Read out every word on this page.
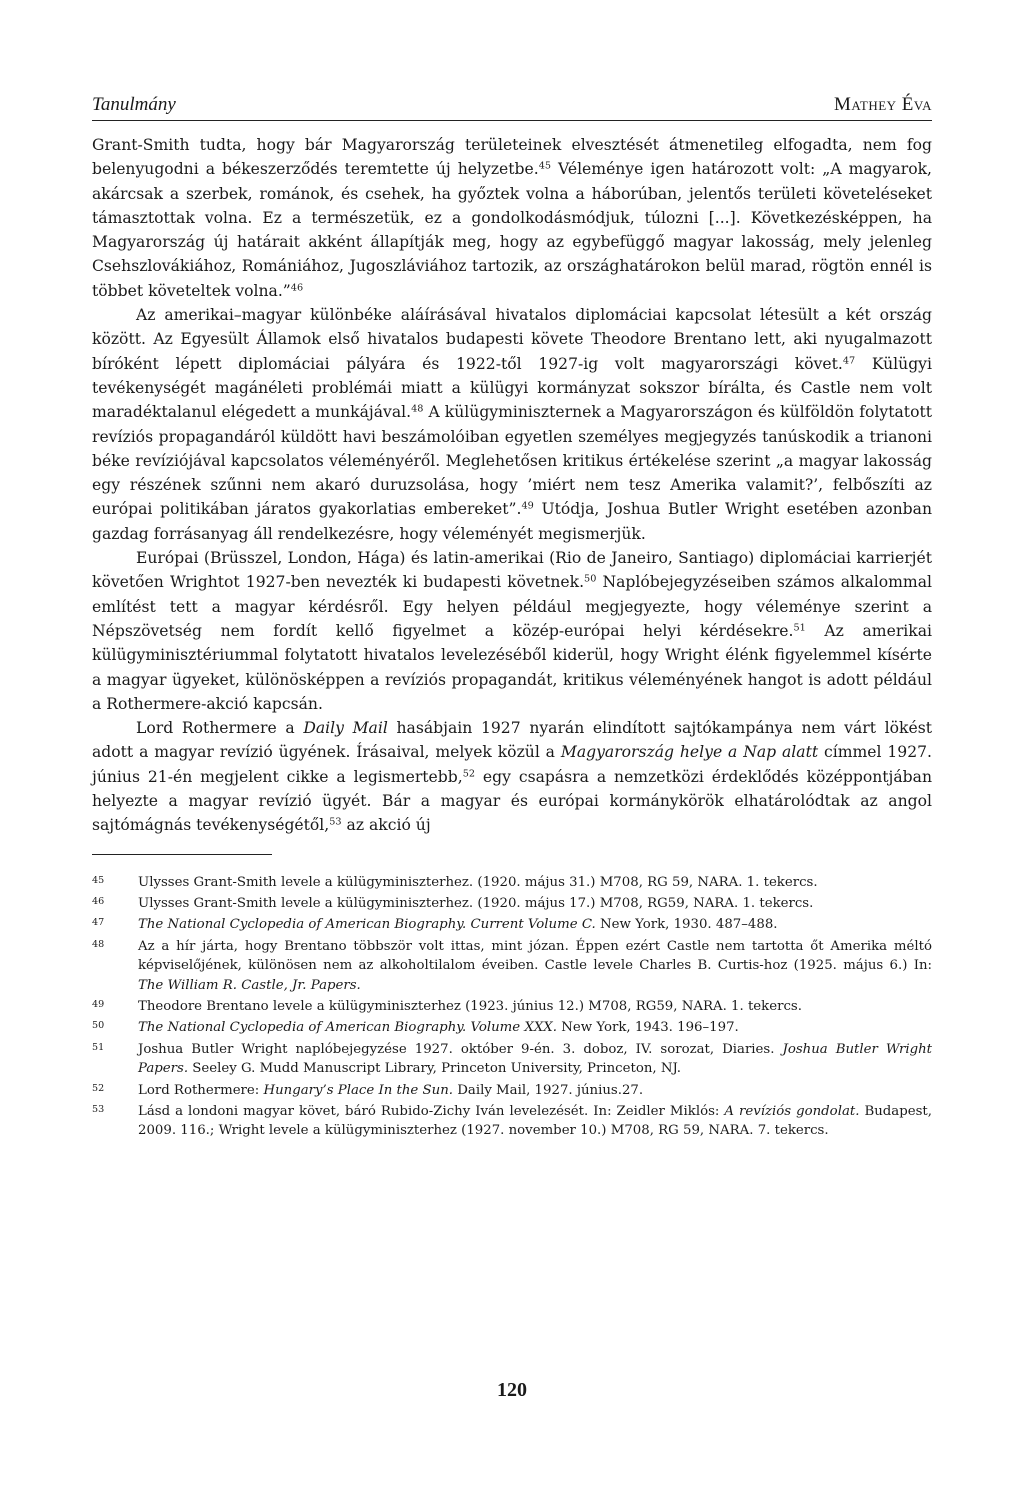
Tanulmány	Mathey Éva

Grant-Smith tudta, hogy bár Magyarország területeinek elvesztését átmenetileg elfogadta, nem fog belenyugodni a békeszerződés teremtette új helyzetbe.$^{45}$ Véleménye igen határozott volt: „A magyarok, akárcsak a szerbek, románok, és csehek, ha győztek volna a háborúban, jelentős területi követeléseket támasztottak volna. Ez a természetük, ez a gondolkodásmódjuk, túlozni [...]. Következésképpen, ha Magyarország új határait akként állapítják meg, hogy az egybefüggő magyar lakosság, mely jelenleg Csehszlovákiához, Romániához, Jugoszláviához tartozik, az országhatárokon belül marad, rögtön ennél is többet követeltek volna.”$^{46}$

Az amerikai–magyar különbéke aláírásával hivatalos diplomáciai kapcsolat létesült a két ország között. Az Egyesült Államok első hivatalos budapesti követe Theodore Brentano lett, aki nyugalmazott bíróként lépett diplomáciai pályára és 1922-től 1927-ig volt magyarországi követ.$^{47}$ Külügyi tevékenységét magánéleti problémái miatt a külügyi kormányzat sokszor bírálta, és Castle nem volt maradéktalanul elégedett a munkájával.$^{48}$ A külügyminiszternek a Magyarországon és külföldön folytatott revíziós propagandáról küldött havi beszámolóiban egyetlen személyes megjegyzés tanúskodik a trianoni béke revíziójával kapcsolatos véleményéről. Meglehetősen kritikus értékelése szerint „a magyar lakosság egy részének szűnni nem akaró duruzsolása, hogy ’miért nem tesz Amerika valamit?’, felbőszíti az európai politikában járatos gyakorlatias embereket”.$^{49}$ Utódja, Joshua Butler Wright esetében azonban gazdag forrásanyag áll rendelkezésre, hogy véleményét megismerjük.

Európai (Brüsszel, London, Hága) és latin-amerikai (Rio de Janeiro, Santiago) diplomáciai karrierjét követően Wrightot 1927-ben nevezték ki budapesti követnek.$^{50}$ Naplóbejegyzéseiben számos alkalommal említést tett a magyar kérdésről. Egy helyen például megjegyezte, hogy véleménye szerint a Népszövetség nem fordít kellő figyelmet a közép-európai helyi kérdésekre.$^{51}$ Az amerikai külügyminisztériummal folytatott hivatalos levelezéséből kiderül, hogy Wright élénk figyelemmel kísérte a magyar ügyeket, különösképpen a revíziós propagandát, kritikus véleményének hangot is adott például a Rothermere-akció kapcsán.

Lord Rothermere a Daily Mail hasábjain 1927 nyarán elindított sajtókampánya nem várt lökést adott a magyar revízió ügyének. Írásaival, melyek közül a Magyarország helye a Nap alatt címmel 1927. június 21-én megjelent cikke a legismertebb,$^{52}$ egy csapásra a nemzetközi érdeklődés középpontjában helyezte a magyar revízió ügyét. Bár a magyar és európai kormánykörök elhatárolódtak az angol sajtómágnás tevékenységétől,$^{53}$ az akció új

45	Ulysses Grant-Smith levele a külügyminiszterhez. (1920. május 31.) M708, RG 59, NARA. 1. tekercs.
46	Ulysses Grant-Smith levele a külügyminiszterhez. (1920. május 17.) M708, RG59, NARA. 1. tekercs.
47	The National Cyclopedia of American Biography. Current Volume C. New York, 1930. 487–488.
48	Az a hír járta, hogy Brentano többször volt ittas, mint józan. Éppen ezért Castle nem tartotta őt Amerika méltó képviselőjének, különösen nem az alkoholtilalom éveiben. Castle levele Charles B. Curtis-hoz (1925. május 6.) In: The William R. Castle, Jr. Papers.
49	Theodore Brentano levele a külügyminiszterhez (1923. június 12.) M708, RG59, NARA. 1. tekercs.
50	The National Cyclopedia of American Biography. Volume XXX. New York, 1943. 196–197.
51	Joshua Butler Wright naplóbejegyzése 1927. október 9-én. 3. doboz, IV. sorozat, Diaries. Joshua Butler Wright Papers. Seeley G. Mudd Manuscript Library, Princeton University, Princeton, NJ.
52	Lord Rothermere: Hungary’s Place In the Sun. Daily Mail, 1927. június.27.
53	Lásd a londoni magyar követ, báró Rubido-Zichy Iván levelezését. In: Zeidler Miklós: A revíziós gondolat. Budapest, 2009. 116.; Wright levele a külügyminiszterhez (1927. november 10.) M708, RG 59, NARA. 7. tekercs.
120
